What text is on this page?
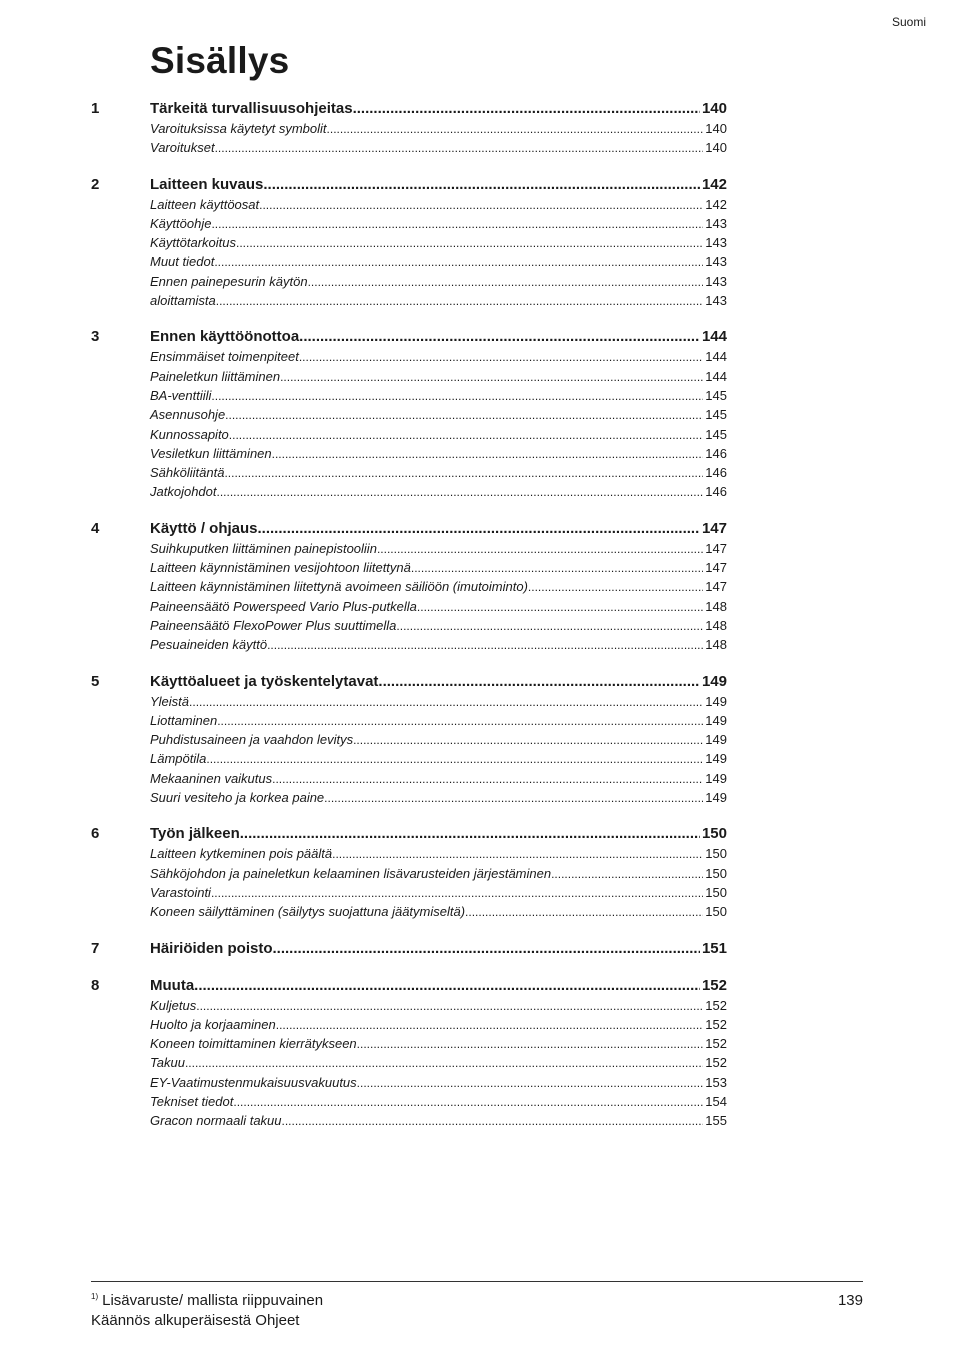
Suomi
Sisällys
1	Tärkeitä turvallisuusohjeitas .....	140
Varoituksissa käytetyt symbolit .....	140
Varoitukset .....	140
2	Laitteen kuvaus .....	142
Laitteen käyttöosat .....	142
Käyttöohje .....	143
Käyttötarkoitus .....	143
Muut tiedot .....	143
Ennen painepesurin käytön .....	143
aloittamista .....	143
3	Ennen käyttöönottoa .....	144
Ensimmäiset toimenpiteet .....	144
Paineletkun liittäminen .....	144
BA-venttiili .....	145
Asennusohje .....	145
Kunnossapito .....	145
Vesiletkun liittäminen .....	146
Sähköliitäntä .....	146
Jatkojohdot .....	146
4	Käyttö / ohjaus .....	147
Suihkuputken liittäminen painepistooliin .....	147
Laitteen käynnistäminen vesijohtoon liitettynä .....	147
Laitteen käynnistäminen liitettynä avoimeen säiliöön (imutoiminto) .....	147
Paineensäätö Powerspeed Vario Plus-putkella .....	148
Paineensäätö FlexoPower Plus suuttimella .....	148
Pesuaineiden käyttö .....	148
5	Käyttöalueet ja työskentelytavat .....	149
Yleistä .....	149
Liottaminen .....	149
Puhdistusaineen ja vaahdon levitys .....	149
Lämpötila .....	149
Mekaaninen vaikutus .....	149
Suuri vesiteho ja korkea paine .....	149
6	Työn jälkeen .....	150
Laitteen kytkeminen pois päältä .....	150
Sähköjohdon ja paineletkun kelaaminen lisävarusteiden järjestäminen .....	150
Varastointi .....	150
Koneen säilyttäminen (säilytys suojattuna jäätymiseltä) .....	150
7	Häiriöiden poisto .....	151
8	Muuta .....	152
Kuljetus .....	152
Huolto ja korjaaminen .....	152
Koneen toimittaminen kierrätykseen .....	152
Takuu .....	152
EY-Vaatimustenmukaisuusvakuutus .....	153
Tekniset tiedot .....	154
Gracon normaali takuu .....	155
$^{1)}$ Lisävaruste/ mallista riippuvainen
Käännös alkuperäisestä Ohjeet
139
